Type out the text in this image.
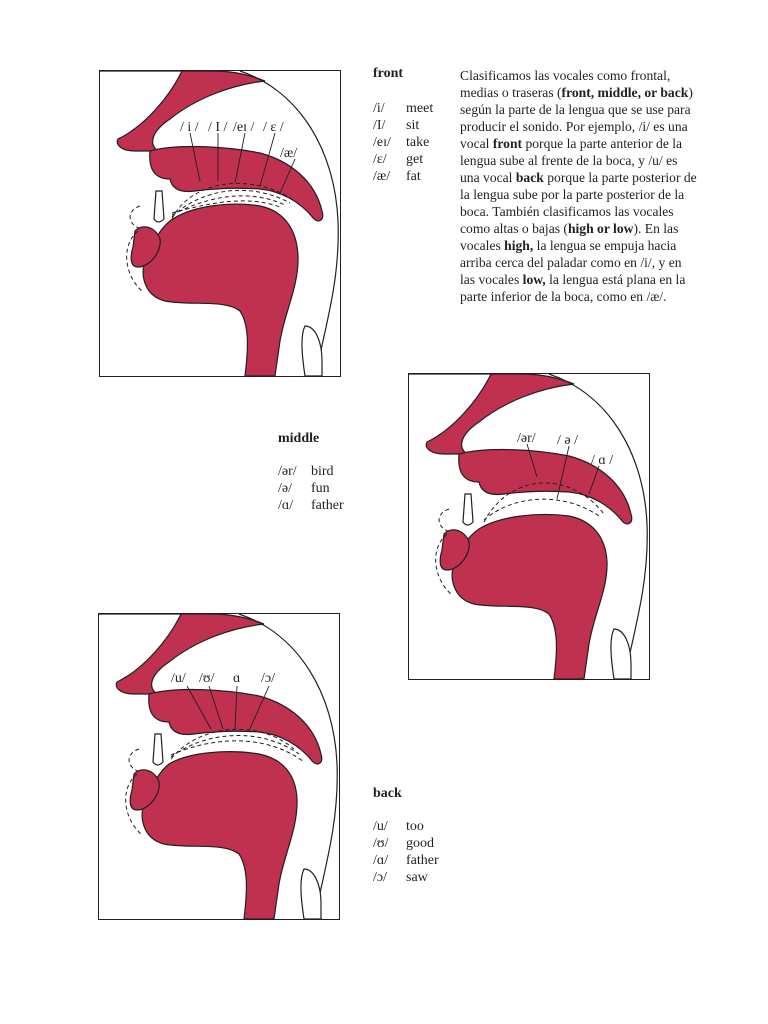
/ i / / I / /eɪ / / ɛ /
/æ/
/ər/ / ə /
/ ɑ /
/u/ /ʊ/ ɑ /ɔ/
front
/i/	meet
/I/	sit
/eɪ/	take
/ɛ/	get
/æ/	fat
middle
/ər/	bird
/ə/	fun
/ɑ/	father
back
/u/	too
/ʊ/	good
/ɑ/	father
/ɔ/	saw

Clasificamos las vocales como frontal,
medias o traseras (front, middle, or back)
según la parte de la lengua que se use para
producir el sonido. Por ejemplo, /i/ es una
vocal front porque la parte anterior de la
lengua sube al frente de la boca, y /u/ es
una vocal back porque la parte posterior de
la lengua sube por la parte posterior de la
boca. También clasificamos las vocales
como altas o bajas (high or low). En las
vocales high, la lengua se empuja hacia
arriba cerca del paladar como en /i/, y en
las vocales low, la lengua está plana en la
parte inferior de la boca, como en /æ/.
